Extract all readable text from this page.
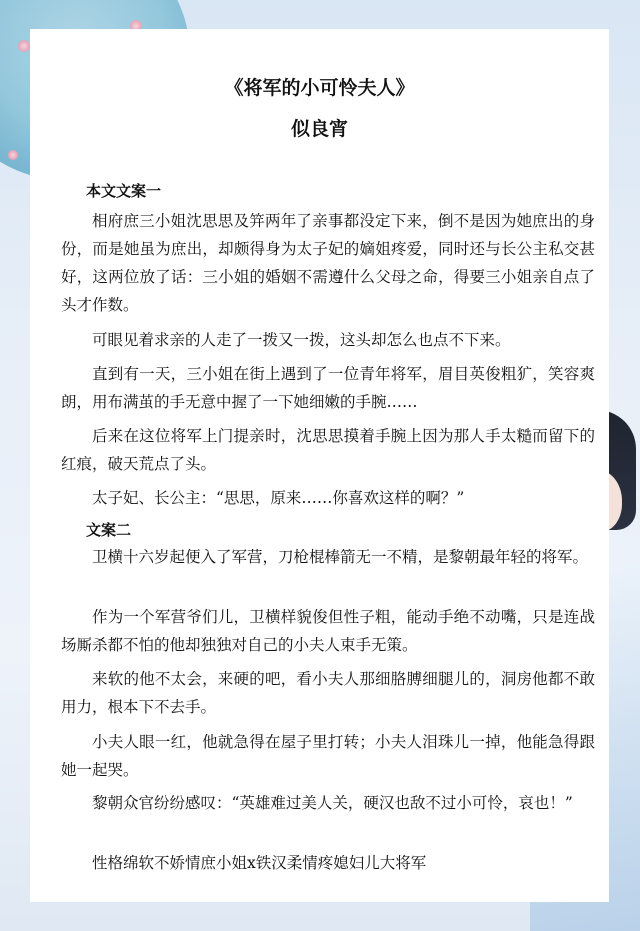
《将军的小可怜夫人》
似良宵
本文文案一

相府庶三小姐沈思思及笄两年了亲事都没定下来，倒不是因为她庶出的身份，而是她虽为庶出，却颇得身为太子妃的嫡姐疼爱，同时还与长公主私交甚好，这两位放了话：三小姐的婚姻不需遵什么父母之命，得要三小姐亲自点了头才作数。

可眼见着求亲的人走了一拨又一拨，这头却怎么也点不下来。

直到有一天，三小姐在街上遇到了一位青年将军，眉目英俊粗犷，笑容爽朗，用布满茧的手无意中握了一下她细嫩的手腕……

后来在这位将军上门提亲时，沈思思摸着手腕上因为那人手太糙而留下的红痕，破天荒点了头。

太子妃、长公主：“思思，原来……你喜欢这样的啊？”

文案二

卫横十六岁起便入了军营，刀枪棍棒箭无一不精，是黎朝最年轻的将军。

作为一个军营爷们儿，卫横样貌俊但性子粗，能动手绝不动嘴，只是连战场厮杀都不怕的他却独独对自己的小夫人束手无策。

来软的他不太会，来硬的吧，看小夫人那细胳膊细腿儿的，洞房他都不敢用力，根本下不去手。

小夫人眼一红，他就急得在屋子里打转；小夫人泪珠儿一掉，他能急得跟她一起哭。

黎朝众官纷纷感叹：“英雄难过美人关，硬汉也敌不过小可怜，哀也！”

性格绵软不娇情庶小姐x铁汉柔情疼媳妇儿大将军
